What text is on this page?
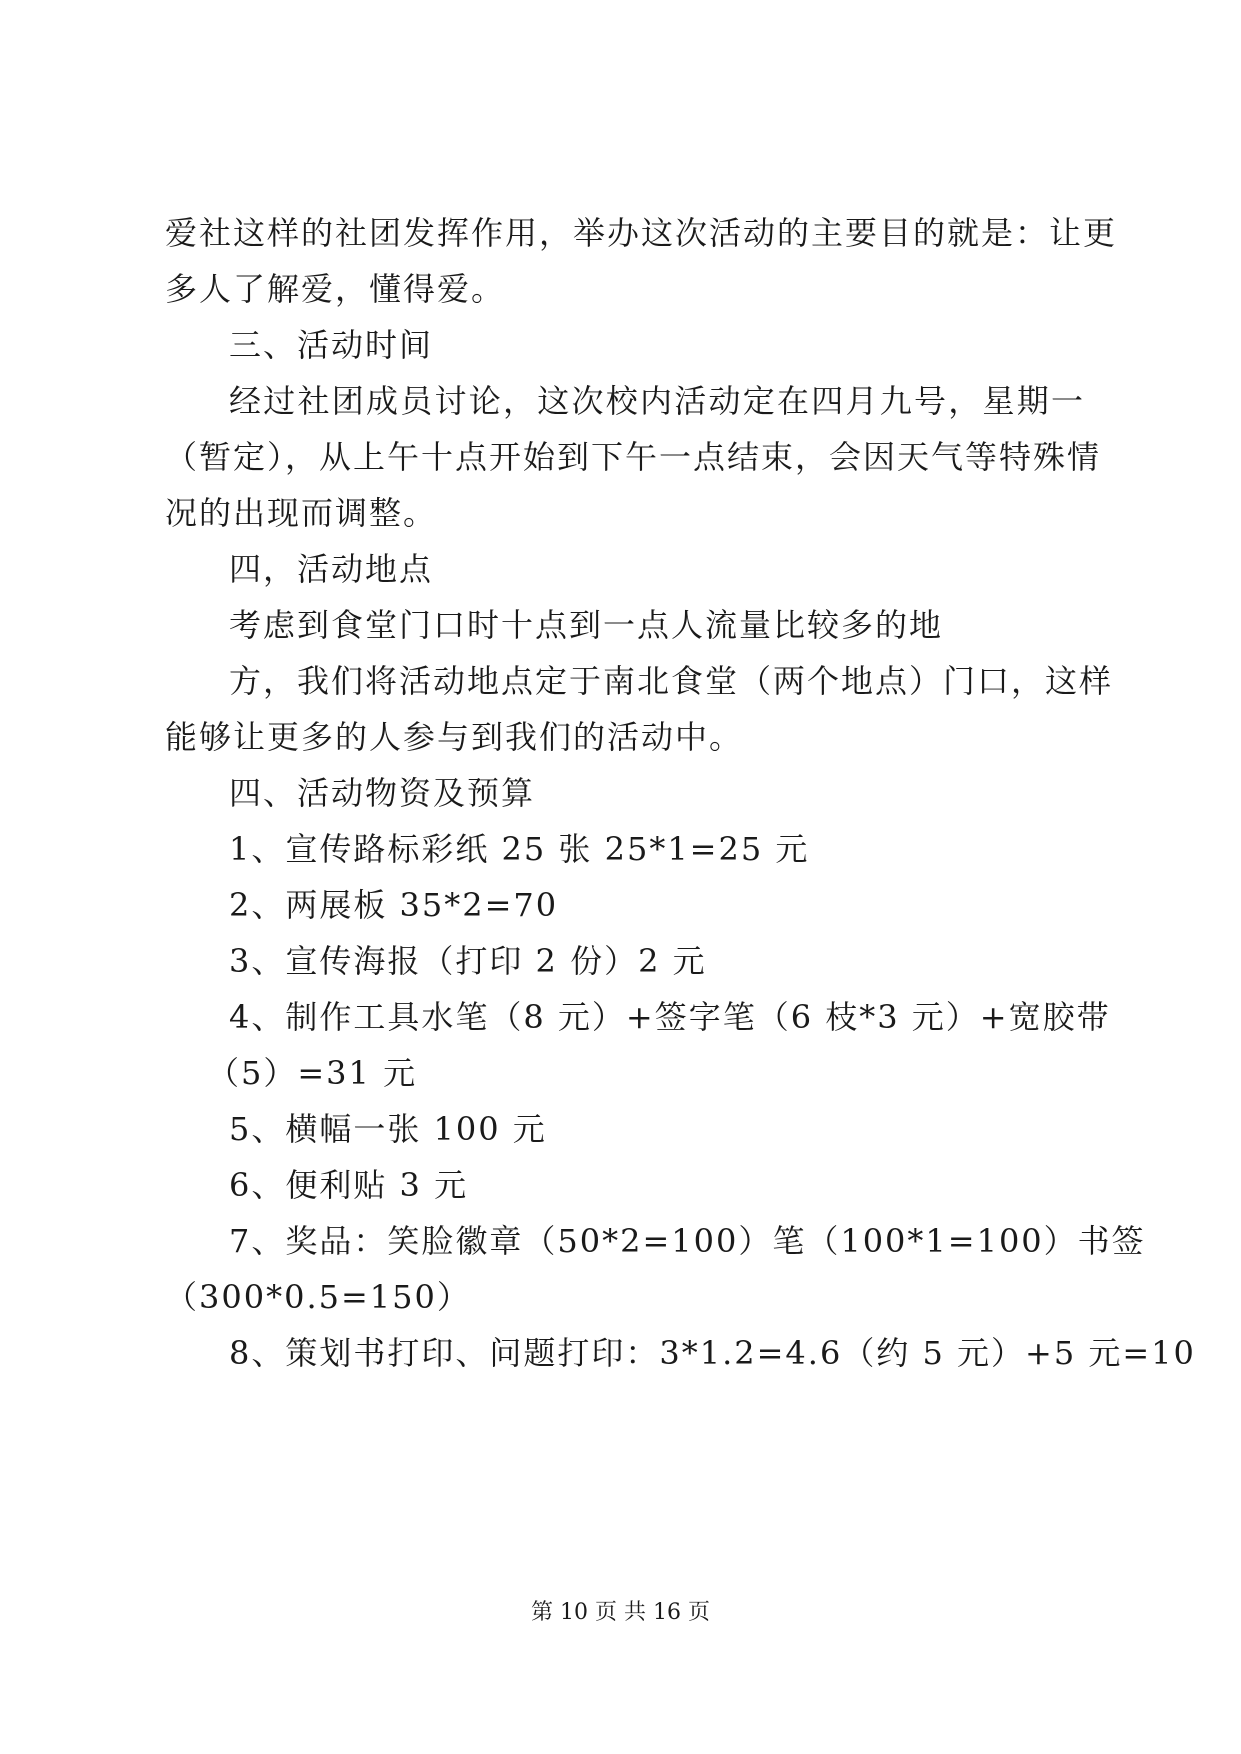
爱社这样的社团发挥作用，举办这次活动的主要目的就是：让更
多人了解爱，懂得爱。
三、活动时间
经过社团成员讨论，这次校内活动定在四月九号，星期一
（暂定），从上午十点开始到下午一点结束，会因天气等特殊情
况的出现而调整。
四，活动地点
考虑到食堂门口时十点到一点人流量比较多的地
方，我们将活动地点定于南北食堂（两个地点）门口，这样
能够让更多的人参与到我们的活动中。
四、活动物资及预算
1、宣传路标彩纸 25 张 25*1=25 元
2、两展板 35*2=70
3、宣传海报（打印 2 份）2 元
4、制作工具水笔（8 元）+签字笔（6 枝*3 元）+宽胶带
（5）=31 元
5、横幅一张 100 元
6、便利贴 3 元
7、奖品：笑脸徽章（50*2=100）笔（100*1=100）书签
（300*0.5=150）
8、策划书打印、问题打印：3*1.2=4.6（约 5 元）+5 元=10
第 10 页 共 16 页
